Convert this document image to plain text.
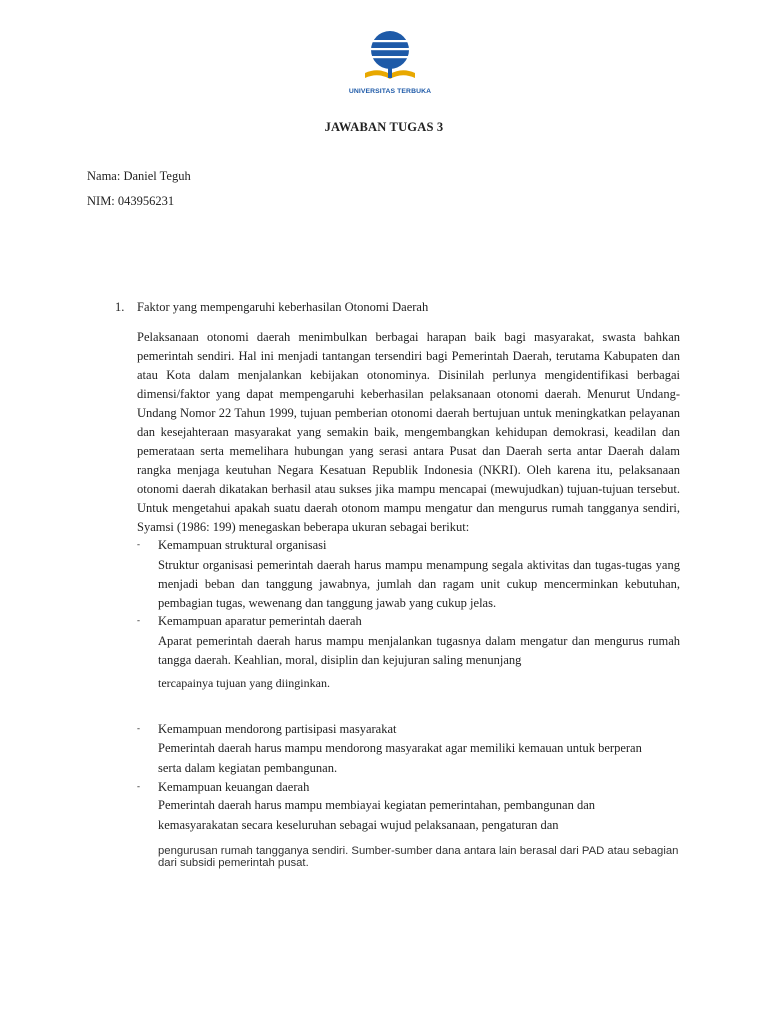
UNIVERSITAS TERBUKA
JAWABAN TUGAS 3
Nama: Daniel Teguh
NIM: 043956231
1. Faktor yang mempengaruhi keberhasilan Otonomi Daerah
Pelaksanaan otonomi daerah menimbulkan berbagai harapan baik bagi masyarakat, swasta bahkan pemerintah sendiri. Hal ini menjadi tantangan tersendiri bagi Pemerintah Daerah, terutama Kabupaten dan atau Kota dalam menjalankan kebijakan otonominya. Disinilah perlunya mengidentifikasi berbagai dimensi/faktor yang dapat mempengaruhi keberhasilan pelaksanaan otonomi daerah. Menurut Undang-Undang Nomor 22 Tahun 1999, tujuan pemberian otonomi daerah bertujuan untuk meningkatkan pelayanan dan kesejahteraan masyarakat yang semakin baik, mengembangkan kehidupan demokrasi, keadilan dan pemerataan serta memelihara hubungan yang serasi antara Pusat dan Daerah serta antar Daerah dalam rangka menjaga keutuhan Negara Kesatuan Republik Indonesia (NKRI). Oleh karena itu, pelaksanaan otonomi daerah dikatakan berhasil atau sukses jika mampu mencapai (mewujudkan) tujuan-tujuan tersebut. Untuk mengetahui apakah suatu daerah otonom mampu mengatur dan mengurus rumah tangganya sendiri, Syamsi (1986: 199) menegaskan beberapa ukuran sebagai berikut:
- Kemampuan struktural organisasi
Struktur organisasi pemerintah daerah harus mampu menampung segala aktivitas dan tugas-tugas yang menjadi beban dan tanggung jawabnya, jumlah dan ragam unit cukup mencerminkan kebutuhan, pembagian tugas, wewenang dan tanggung jawab yang cukup jelas.
- Kemampuan aparatur pemerintah daerah
Aparat pemerintah daerah harus mampu menjalankan tugasnya dalam mengatur dan mengurus rumah tangga daerah. Keahlian, moral, disiplin dan kejujuran saling menunjang
tercapainya tujuan yang diinginkan.
- Kemampuan mendorong partisipasi masyarakat
Pemerintah daerah harus mampu mendorong masyarakat agar memiliki kemauan untuk berperan
serta dalam kegiatan pembangunan.
- Kemampuan keuangan daerah
Pemerintah daerah harus mampu membiayai kegiatan pemerintahan, pembangunan dan
kemasyarakatan secara keseluruhan sebagai wujud pelaksanaan, pengaturan dan
pengurusan rumah tangganya sendiri. Sumber-sumber dana antara lain berasal dari PAD atau sebagian dari subsidi pemerintah pusat.
